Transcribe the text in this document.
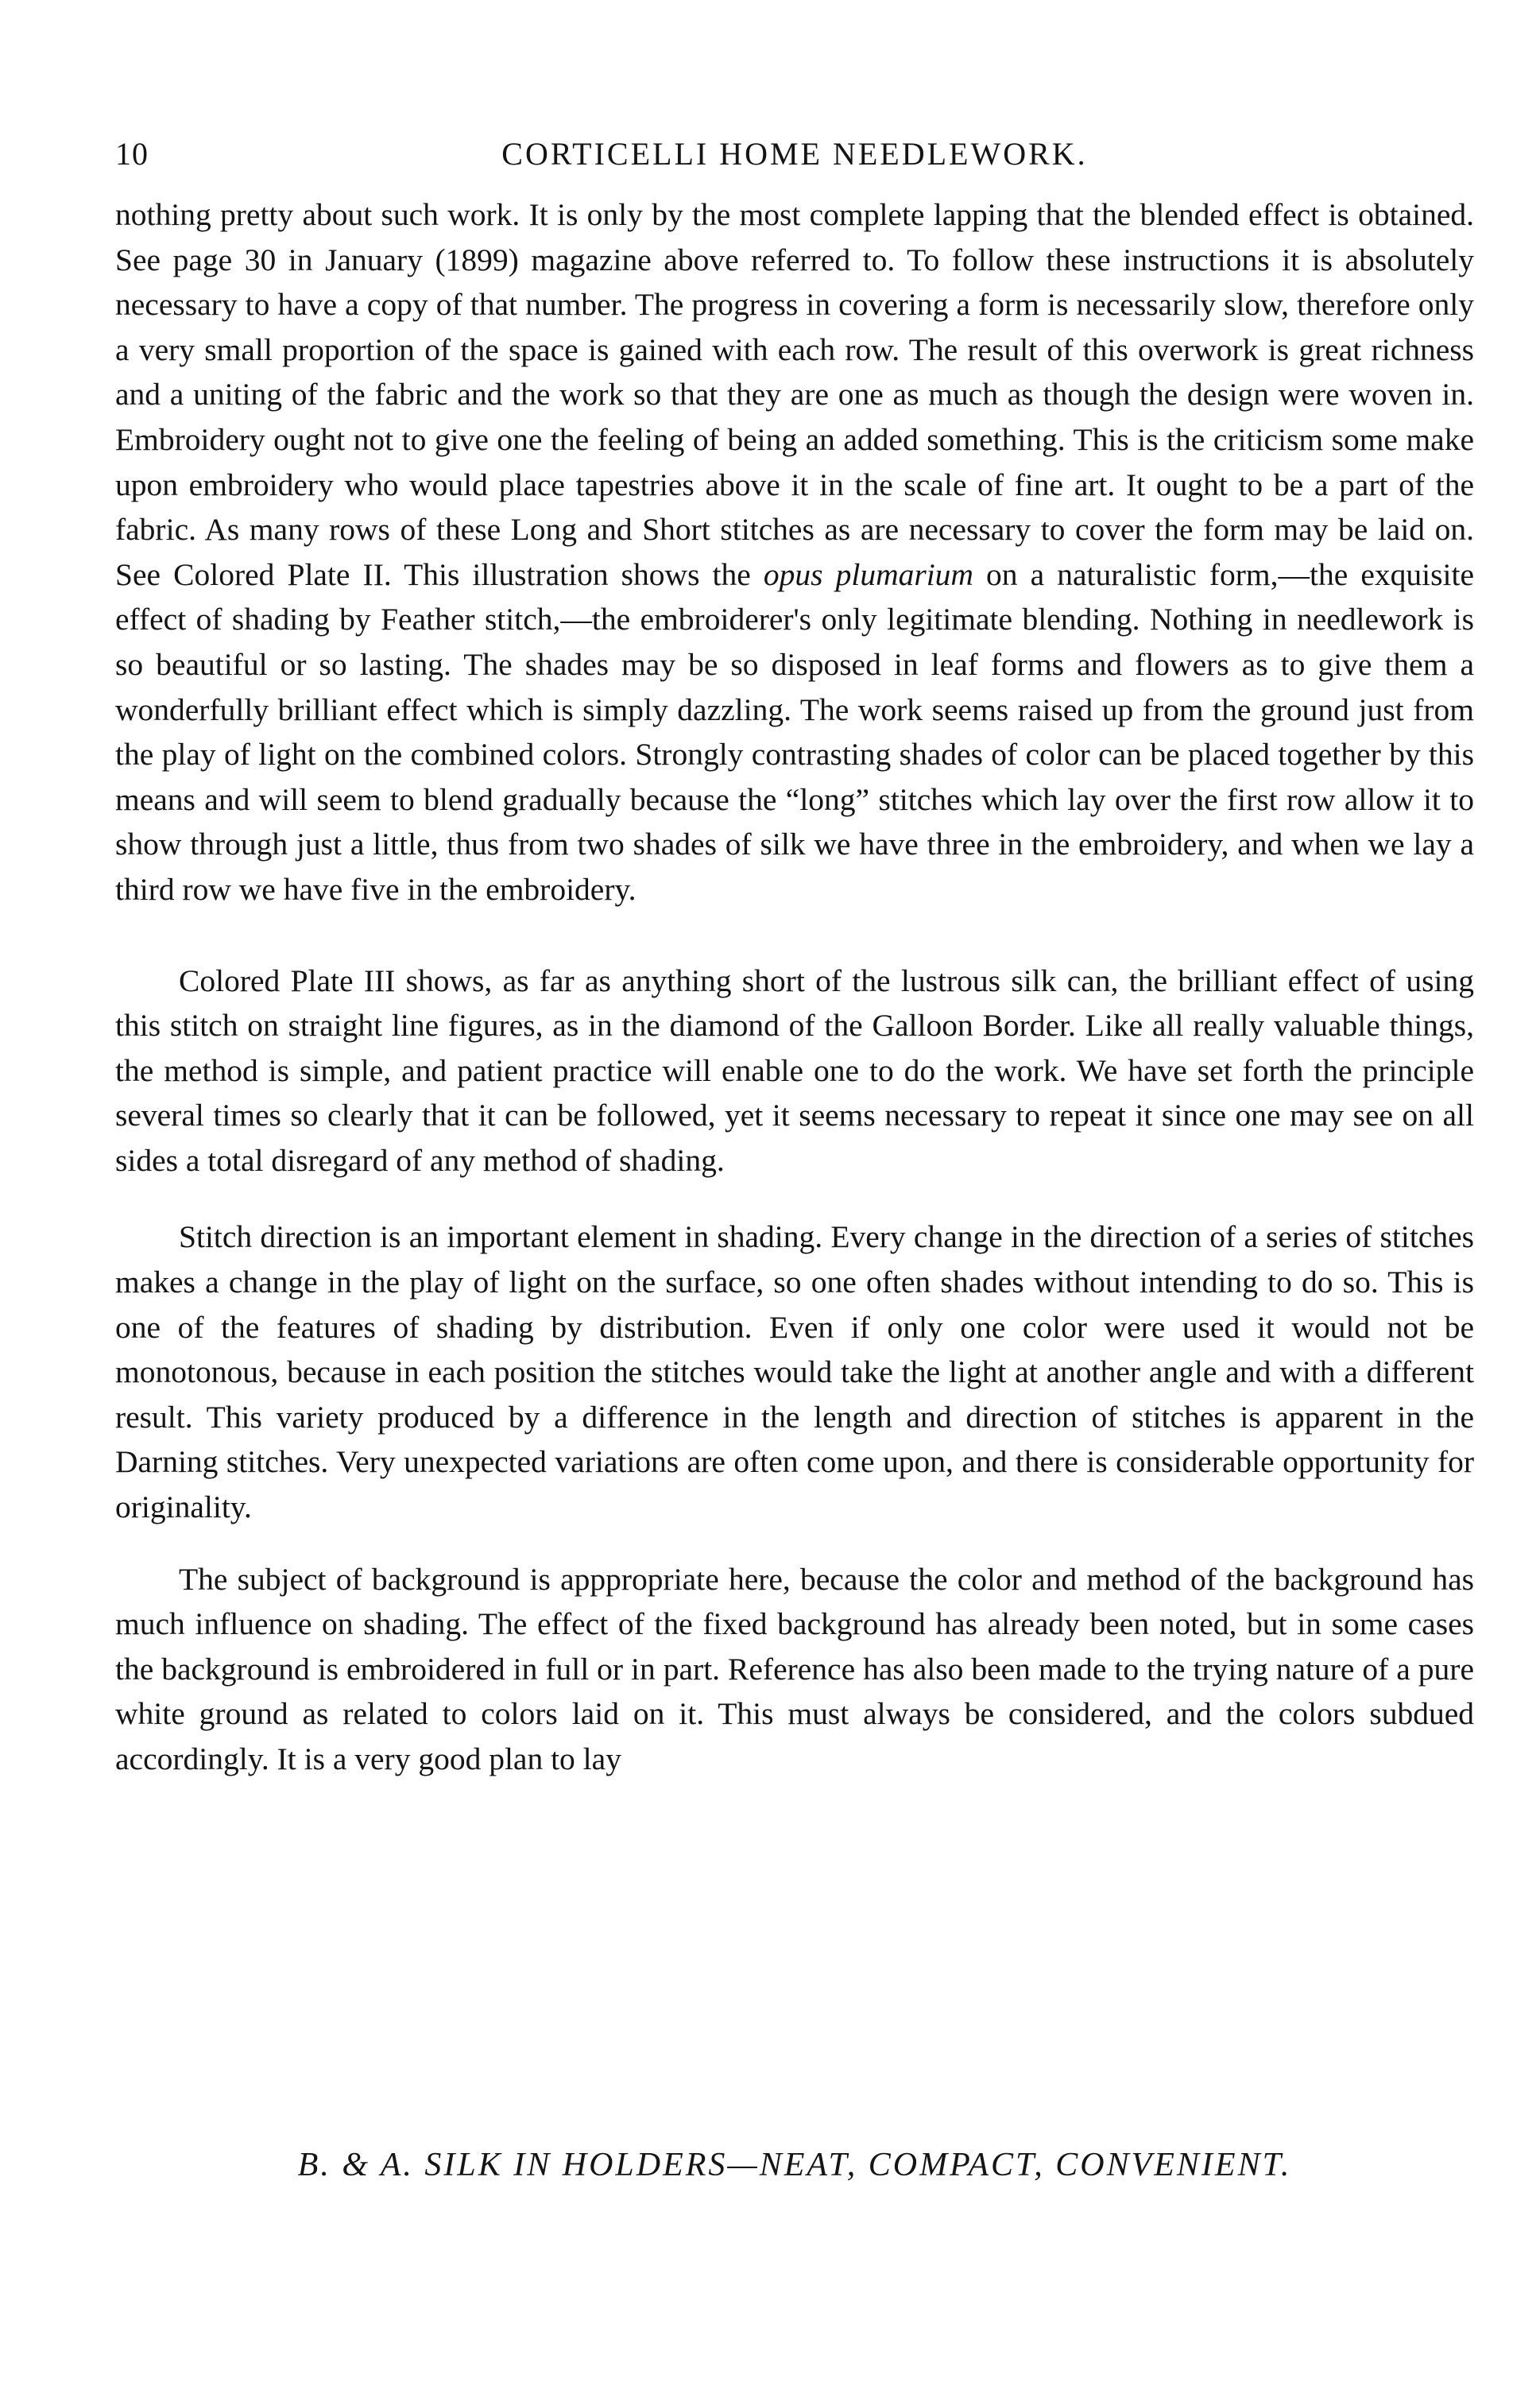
10	CORTICELLI HOME NEEDLEWORK.

nothing pretty about such work. It is only by the most complete lapping that the blended effect is obtained. See page 30 in January (1899) magazine above referred to. To follow these instructions it is absolutely necessary to have a copy of that number. The progress in covering a form is necessarily slow, therefore only a very small proportion of the space is gained with each row. The result of this overwork is great richness and a uniting of the fabric and the work so that they are one as much as though the design were woven in. Embroidery ought not to give one the feeling of being an added something. This is the criticism some make upon embroidery who would place tapestries above it in the scale of fine art. It ought to be a part of the fabric. As many rows of these Long and Short stitches as are necessary to cover the form may be laid on. See Colored Plate II. This illustration shows the opus plumarium on a naturalistic form,—the exquisite effect of shading by Feather stitch,—the embroiderer's only legitimate blending. Nothing in needlework is so beautiful or so lasting. The shades may be so disposed in leaf forms and flowers as to give them a wonderfully brilliant effect which is simply dazzling. The work seems raised up from the ground just from the play of light on the combined colors. Strongly contrasting shades of color can be placed together by this means and will seem to blend gradually because the “long” stitches which lay over the first row allow it to show through just a little, thus from two shades of silk we have three in the embroidery, and when we lay a third row we have five in the embroidery.

Colored Plate III shows, as far as anything short of the lustrous silk can, the brilliant effect of using this stitch on straight line figures, as in the diamond of the Galloon Border. Like all really valuable things, the method is simple, and patient practice will enable one to do the work. We have set forth the principle several times so clearly that it can be followed, yet it seems necessary to repeat it since one may see on all sides a total disregard of any method of shading.

Stitch direction is an important element in shading. Every change in the direction of a series of stitches makes a change in the play of light on the surface, so one often shades without intending to do so. This is one of the features of shading by distribution. Even if only one color were used it would not be monotonous, because in each position the stitches would take the light at another angle and with a different result. This variety produced by a difference in the length and direction of stitches is apparent in the Darning stitches. Very unexpected variations are often come upon, and there is considerable opportunity for originality.

The subject of background is apppropriate here, because the color and method of the background has much influence on shading. The effect of the fixed background has already been noted, but in some cases the background is embroidered in full or in part. Reference has also been made to the trying nature of a pure white ground as related to colors laid on it. This must always be considered, and the colors subdued accordingly. It is a very good plan to lay

B. & A. SILK IN HOLDERS—NEAT, COMPACT, CONVENIENT.
